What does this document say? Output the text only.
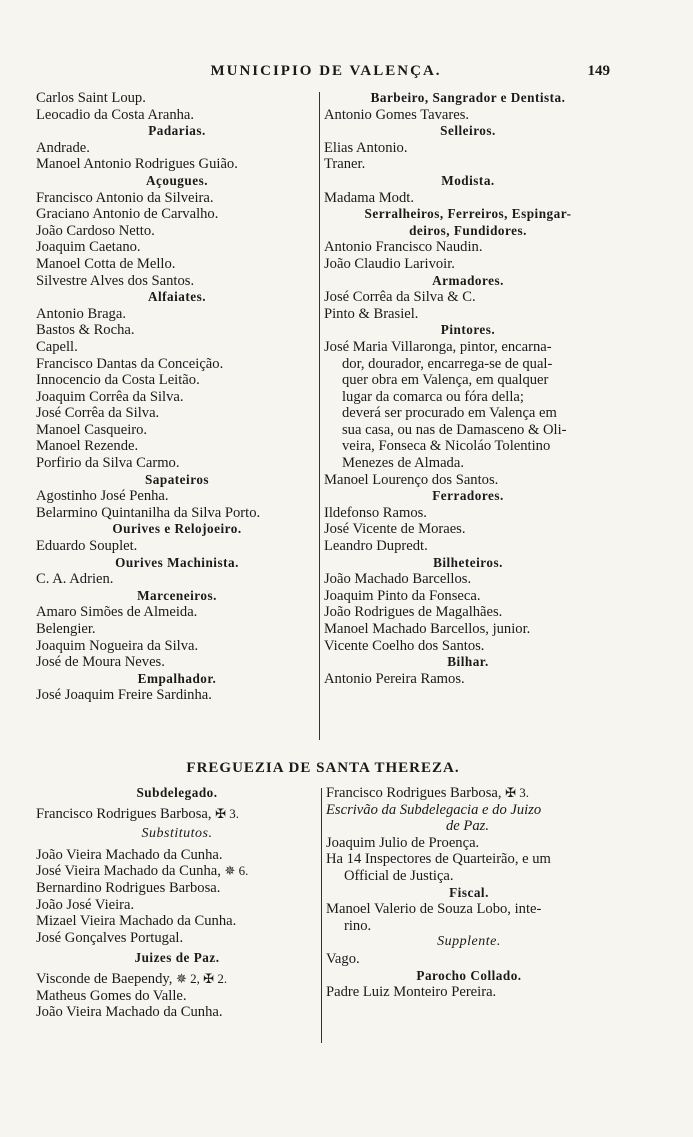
MUNICIPIO DE VALENÇA.	149
Carlos Saint Loup.
Leocadio da Costa Aranha.
Padarias.
Andrade.
Manoel Antonio Rodrigues Guião.
Açougues.
Francisco Antonio da Silveira.
Graciano Antonio de Carvalho.
João Cardoso Netto.
Joaquim Caetano.
Manoel Cotta de Mello.
Silvestre Alves dos Santos.
Alfaiates.
Antonio Braga.
Bastos & Rocha.
Capell.
Francisco Dantas da Conceição.
Innocencio da Costa Leitão.
Joaquim Corrêa da Silva.
José Corrêa da Silva.
Manoel Casqueiro.
Manoel Rezende.
Porfirio da Silva Carmo.
Sapateiros
Agostinho José Penha.
Belarmino Quintanilha da Silva Porto.
Ourives e Relojoeiro.
Eduardo Souplet.
Ourives Machinista.
C. A. Adrien.
Marceneiros.
Amaro Simões de Almeida.
Belengier.
Joaquim Nogueira da Silva.
José de Moura Neves.
Empalhador.
José Joaquim Freire Sardinha.
Barbeiro, Sangrador e Dentista.
Antonio Gomes Tavares.
Selleiros.
Elias Antonio.
Traner.
Modista.
Madama Modt.
Serralheiros, Ferreiros, Espingar-
deiros, Fundidores.
Antonio Francisco Naudin.
João Claudio Larivoir.
Armadores.
José Corrêa da Silva & C.
Pinto & Brasiel.
Pintores.
José Maria Villaronga, pintor, encarna-
dor, dourador, encarrega-se de qual-
quer obra em Valença, em qualquer
lugar da comarca ou fóra della;
deverá ser procurado em Valença em
sua casa, ou nas de Damasceno & Oli-
veira, Fonseca & Nicoláo Tolentino
Menezes de Almada.
Manoel Lourenço dos Santos.
Ferradores.
Ildefonso Ramos.
José Vicente de Moraes.
Leandro Dupredt.
Bilheteiros.
João Machado Barcellos.
Joaquim Pinto da Fonseca.
João Rodrigues de Magalhães.
Manoel Machado Barcellos, junior.
Vicente Coelho dos Santos.
Bilhar.
Antonio Pereira Ramos.
FREGUEZIA DE SANTA THEREZA.
Subdelegado.
Francisco Rodrigues Barbosa, ✠ 3.
Substitutos.
João Vieira Machado da Cunha.
José Vieira Machado da Cunha, ✵ 6.
Bernardino Rodrigues Barbosa.
João José Vieira.
Mizael Vieira Machado da Cunha.
José Gonçalves Portugal.
Juizes de Paz.
Visconde de Baependy, ✵ 2, ✠ 2.
Matheus Gomes do Valle.
João Vieira Machado da Cunha.
Francisco Rodrigues Barbosa, ✠ 3.
Escrivão da Subdelegacia e do Juizo
de Paz.
Joaquim Julio de Proença.
Ha 14 Inspectores de Quarteirão, e um
Official de Justiça.
Fiscal.
Manoel Valerio de Souza Lobo, inte-
rino.
Supplente.
Vago.
Parocho Collado.
Padre Luiz Monteiro Pereira.
